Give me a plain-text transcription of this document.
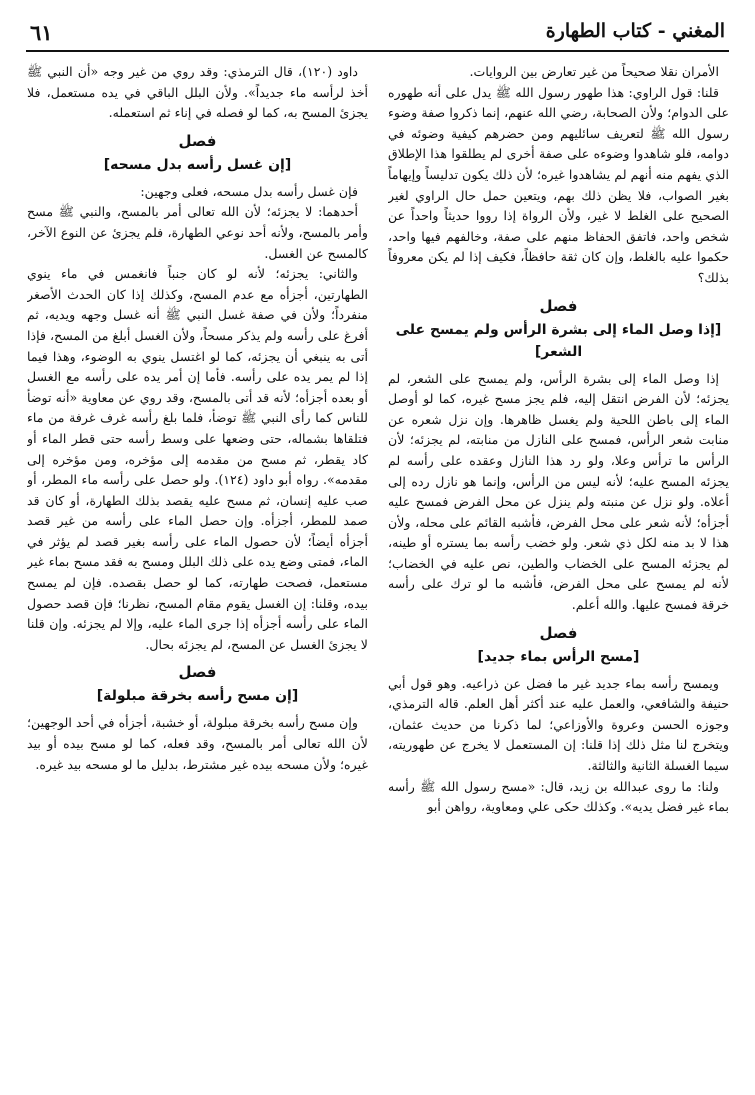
المغني - كتاب الطهارة
٦١

الأمران نقلا صحيحاً من غير تعارض بين الروايات.

قلنا: قول الراوي: هذا طهور رسول الله ﷺ يدل على أنه طهوره على الدوام؛ ولأن الصحابة، رضي الله عنهم، إنما ذكروا صفة وضوء رسول الله ﷺ لتعريف سائليهم ومن حضرهم كيفية وضوئه في دوامه، فلو شاهدوا وضوءه على صفة أخرى لم يطلقوا هذا الإطلاق الذي يفهم منه أنهم لم يشاهدوا غيره؛ لأن ذلك يكون تدليساً وإيهاماً بغير الصواب، فلا يظن ذلك بهم، ويتعين حمل حال الراوي لغير الصحيح على الغلط لا غير، ولأن الرواة إذا رووا حديثاً واحداً عن شخص واحد، فاتفق الحفاظ منهم على صفة، وخالفهم فيها واحد، حكموا عليه بالغلط، وإن كان ثقة حافظاً، فكيف إذا لم يكن معروفاً بذلك؟

فصل
[إذا وصل الماء إلى بشرة الرأس ولم يمسح على الشعر]

إذا وصل الماء إلى بشرة الرأس، ولم يمسح على الشعر، لم يجزئه؛ لأن الفرض انتقل إليه، فلم يجز مسح غيره، كما لو أوصل الماء إلى باطن اللحية ولم يغسل ظاهرها. وإن نزل شعره عن منابت شعر الرأس، فمسح على النازل من منابته، لم يجزئه؛ لأن الرأس ما ترأس وعلا، ولو رد هذا النازل وعقده على رأسه لم يجزئه المسح عليه؛ لأنه ليس من الرأس، وإنما هو نازل رده إلى أعلاه. ولو نزل عن منبته ولم ينزل عن محل الفرض فمسح عليه أجزأه؛ لأنه شعر على محل الفرض، فأشبه القائم على محله، ولأن هذا لا بد منه لكل ذي شعر. ولو خضب رأسه بما يستره أو طينه، لم يجزئه المسح على الخضاب والطين، نص عليه في الخضاب؛ لأنه لم يمسح على محل الفرض، فأشبه ما لو ترك على رأسه خرقة فمسح عليها. والله أعلم.

فصل
[مسح الرأس بماء جديد]

ويمسح رأسه بماء جديد غير ما فضل عن ذراعيه. وهو قول أبي حنيفة والشافعي، والعمل عليه عند أكثر أهل العلم. قاله الترمذي، وجوزه الحسن وعروة والأوزاعي؛ لما ذكرنا من حديث عثمان، ويتخرج لنا مثل ذلك إذا قلنا: إن المستعمل لا يخرج عن طهوريته، سيما الغسلة الثانية والثالثة.

ولنا: ما روى عبدالله بن زيد، قال: «مسح رسول الله ﷺ رأسه بماء غير فضل يديه». وكذلك حكى علي ومعاوية، رواهن أبو

داود (١٢٠)، قال الترمذي: وقد روي من غير وجه «أن النبي ﷺ أخذ لرأسه ماء جديداً». ولأن البلل الباقي في يده مستعمل، فلا يجزئ المسح به، كما لو فصله في إناء ثم استعمله.

فصل
[إن غسل رأسه بدل مسحه]

فإن غسل رأسه بدل مسحه، فعلى وجهين:

أحدهما: لا يجزئه؛ لأن الله تعالى أمر بالمسح، والنبي ﷺ مسح وأمر بالمسح، ولأنه أحد نوعي الطهارة، فلم يجزئ عن النوع الآخر، كالمسح عن الغسل.

والثاني: يجزئه؛ لأنه لو كان جنباً فانغمس في ماء ينوي الطهارتين، أجزأه مع عدم المسح، وكذلك إذا كان الحدث الأصغر منفرداً؛ ولأن في صفة غسل النبي ﷺ أنه غسل وجهه ويديه، ثم أفرغ على رأسه ولم يذكر مسحاً، ولأن الغسل أبلغ من المسح، فإذا أتى به ينبغي أن يجزئه، كما لو اغتسل ينوي به الوضوء، وهذا فيما إذا لم يمر يده على رأسه. فأما إن أمر يده على رأسه مع الغسل أو بعده أجزأه؛ لأنه قد أتى بالمسح، وقد روي عن معاوية «أنه توضأ للناس كما رأى النبي ﷺ توضأ، فلما بلغ رأسه غرف غرفة من ماء فتلقاها بشماله، حتى وضعها على وسط رأسه حتى قطر الماء أو كاد يقطر، ثم مسح من مقدمه إلى مؤخره، ومن مؤخره إلى مقدمه». رواه أبو داود (١٢٤). ولو حصل على رأسه ماء المطر، أو صب عليه إنسان، ثم مسح عليه يقصد بذلك الطهارة، أو كان قد صمد للمطر، أجزأه. وإن حصل الماء على رأسه من غير قصد أجزأه أيضاً؛ لأن حصول الماء على رأسه بغير قصد لم يؤثر في الماء، فمتى وضع يده على ذلك البلل ومسح به فقد مسح بماء غير مستعمل، فصحت طهارته، كما لو حصل بقصده. فإن لم يمسح بيده، وقلنا: إن الغسل يقوم مقام المسح، نظرنا؛ فإن قصد حصول الماء على رأسه أجزأه إذا جرى الماء عليه، وإلا لم يجزئه. وإن قلنا لا يجزئ الغسل عن المسح، لم يجزئه بحال.

فصل
[إن مسح رأسه بخرقة مبلولة]

وإن مسح رأسه بخرقة مبلولة، أو خشبة، أجزأه في أحد الوجهين؛ لأن الله تعالى أمر بالمسح، وقد فعله، كما لو مسح بيده أو بيد غيره؛ ولأن مسحه بيده غير مشترط، بدليل ما لو مسحه بيد غيره.
